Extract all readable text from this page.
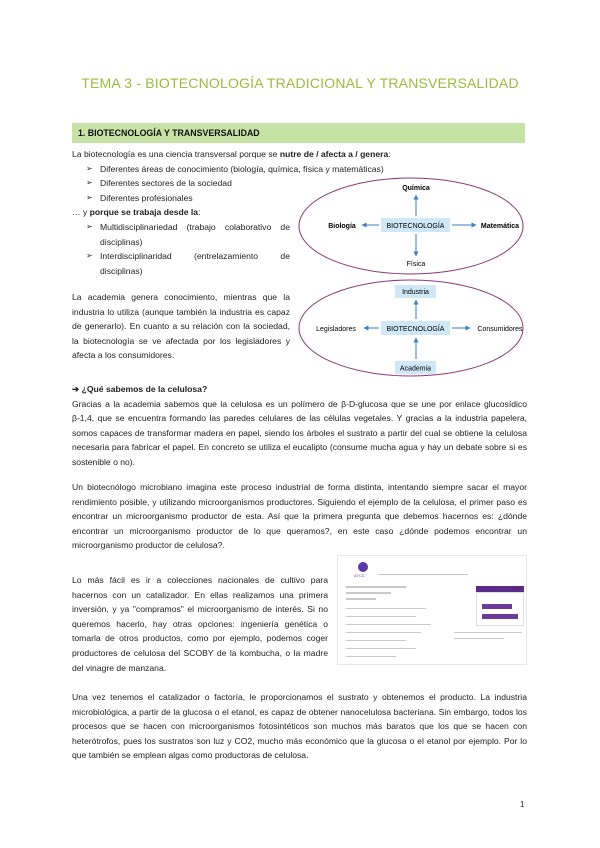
TEMA 3 - BIOTECNOLOGÍA TRADICIONAL Y TRANSVERSALIDAD
1. BIOTECNOLOGÍA Y TRANSVERSALIDAD
La biotecnología es una ciencia transversal porque se nutre de / afecta a / genera:
➢ Diferentes áreas de conocimiento (biología, química, física y matemáticas)
➢ Diferentes sectores de la sociedad
➢ Diferentes profesionales
… y porque se trabaja desde la:
➢ Multidisciplinariedad (trabajo colaborativo de disciplinas)
➢ Interdisciplinaridad (entrelazamiento de disciplinas)
La academia genera conocimiento, mientras que la industria lo utiliza (aunque también la industria es capaz de generarlo). En cuanto a su relación con la sociedad, la biotecnología se ve afectada por los legisladores y afecta a los consumidores.
BIOTECNOLOGÍA
Química
Física
Biología	Matemática
BIOTECNOLOGÍA
Industria
Academia
Legisladores	Consumidores
➔ ¿Qué sabemos de la celulosa?
Gracias a la academia sabemos que la celulosa es un polímero de β-D-glucosa que se une por enlace glucosídico β-1,4, que se encuentra formando las paredes celulares de las células vegetales. Y gracias a la industria papelera, somos capaces de transformar madera en papel, siendo los árboles el sustrato a partir del cual se obtiene la celulosa necesaria para fabricar el papel. En concreto se utiliza el eucalipto (consume mucha agua y hay un debate sobre si es sostenible o no).
Un biotecnólogo microbiano imagina este proceso industrial de forma distinta, intentando siempre sacar el mayor rendimiento posible, y utilizando microorganismos productores. Siguiendo el ejemplo de la celulosa, el primer paso es encontrar un microorganismo productor de esta. Así que la primera pregunta que debemos hacernos es: ¿dónde encontrar un microorganismo productor de lo que queramos?, en este caso ¿dónde podemos encontrar un microorganismo productor de celulosa?.
Lo más fácil es ir a colecciones nacionales de cultivo para hacernos con un catalizador. En ellas realizamos una primera inversión, y ya "compramos" el microorganismo de interés. Si no queremos hacerlo, hay otras opciones: ingeniería genética o tomarla de otros productos, como por ejemplo, podemos coger productores de celulosa del SCOBY de la kombucha, o la madre del vinagre de manzana.
ATCC
Una vez tenemos el catalizador o factoría, le proporcionamos el sustrato y obtenemos el producto. La industria microbiológica, a partir de la glucosa o el etanol, es capaz de obtener nanocelulosa bacteriana. Sin embargo, todos los procesos que se hacen con microorganismos fotosintéticos son muchos más baratos que los que se hacen con heterótrofos, pues los sustratos son luz y CO2, mucho más económico que la glucosa o el etanol por ejemplo. Por lo que también se emplean algas como productoras de celulosa.
1
